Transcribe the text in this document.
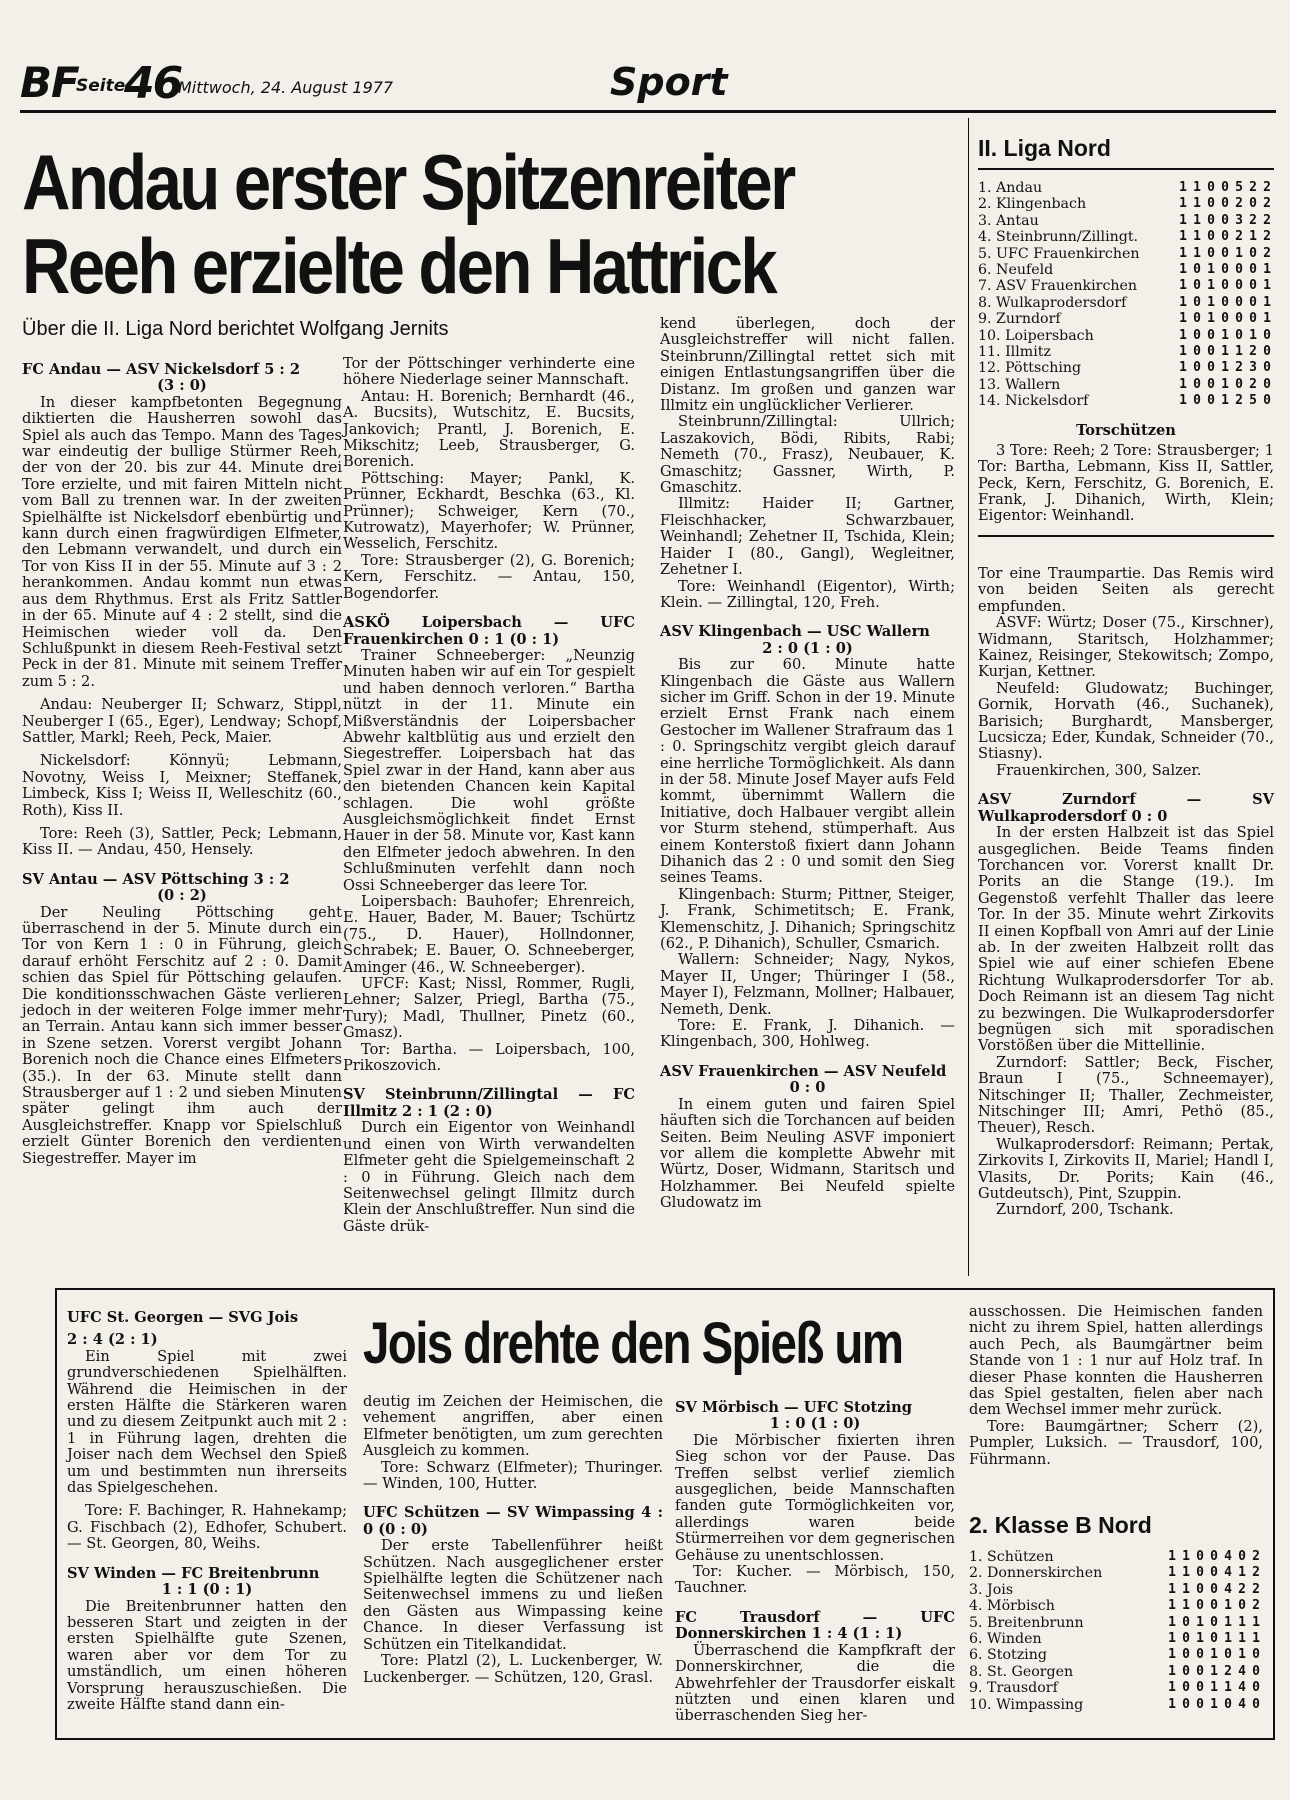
BF
Seite
46
Mittwoch, 24. August 1977	Sport
Andau erster Spitzenreiter
Reeh erzielte den Hattrick
Über die II. Liga Nord berichtet Wolfgang Jernits

FC Andau — ASV Nickelsdorf 5 : 2

(3 : 0)

In dieser kampfbetonten Begegnung diktierten die Hausherren sowohl das Spiel als auch das Tempo. Mann des Tages war eindeutig der bullige Stürmer Reeh, der von der 20. bis zur 44. Minute drei Tore erzielte, und mit fairen Mitteln nicht vom Ball zu trennen war. In der zweiten Spielhälfte ist Nickelsdorf ebenbürtig und kann durch einen fragwürdigen Elfmeter, den Lebmann verwandelt, und durch ein Tor von Kiss II in der 55. Minute auf 3 : 2 herankommen. Andau kommt nun etwas aus dem Rhythmus. Erst als Fritz Sattler in der 65. Minute auf 4 : 2 stellt, sind die Heimischen wieder voll da. Den Schlußpunkt in diesem Reeh-Festival setzt Peck in der 81. Minute mit seinem Treffer zum 5 : 2.

Andau: Neuberger II; Schwarz, Stippl, Neuberger I (65., Eger), Lendway; Schopf, Sattler, Markl; Reeh, Peck, Maier.

Nickelsdorf: Könnyü; Lebmann, Novotny, Weiss I, Meixner; Steffanek, Limbeck, Kiss I; Weiss II, Welleschitz (60., Roth), Kiss II.

Tore: Reeh (3), Sattler, Peck; Lebmann, Kiss II. — Andau, 450, Hensely.

SV Antau — ASV Pöttsching 3 : 2

(0 : 2)

Der Neuling Pöttsching geht überraschend in der 5. Minute durch ein Tor von Kern 1 : 0 in Führung, gleich darauf erhöht Ferschitz auf 2 : 0. Damit schien das Spiel für Pöttsching gelaufen. Die konditionsschwachen Gäste verlieren jedoch in der weiteren Folge immer mehr an Terrain. Antau kann sich immer besser in Szene setzen. Vorerst vergibt Johann Borenich noch die Chance eines Elfmeters (35.). In der 63. Minute stellt dann Strausberger auf 1 : 2 und sieben Minuten später gelingt ihm auch der Ausgleichstreffer. Knapp vor Spielschluß erzielt Günter Borenich den verdienten Siegestreffer. Mayer im

Tor der Pöttschinger verhinderte eine höhere Niederlage seiner Mannschaft.

Antau: H. Borenich; Bernhardt (46., A. Bucsits), Wutschitz, E. Bucsits, Jankovich; Prantl, J. Borenich, E. Mikschitz; Leeb, Strausberger, G. Borenich.

Pöttsching: Mayer; Pankl, K. Prünner, Eckhardt, Beschka (63., Kl. Prünner); Schweiger, Kern (70., Kutrowatz), Mayerhofer; W. Prünner, Wesselich, Ferschitz.

Tore: Strausberger (2), G. Borenich; Kern, Ferschitz. — Antau, 150, Bogendorfer.

ASKÖ Loipersbach — UFC Frauenkirchen 0 : 1 (0 : 1)

Trainer Schneeberger: „Neunzig Minuten haben wir auf ein Tor gespielt und haben dennoch verloren.“ Bartha nützt in der 11. Minute ein Mißverständnis der Loipersbacher Abwehr kaltblütig aus und erzielt den Siegestreffer. Loipersbach hat das Spiel zwar in der Hand, kann aber aus den bietenden Chancen kein Kapital schlagen. Die wohl größte Ausgleichsmöglichkeit findet Ernst Hauer in der 58. Minute vor, Kast kann den Elfmeter jedoch abwehren. In den Schlußminuten verfehlt dann noch Ossi Schneeberger das leere Tor.

Loipersbach: Bauhofer; Ehrenreich, E. Hauer, Bader, M. Bauer; Tschürtz (75., D. Hauer), Hollndonner, Schrabek; E. Bauer, O. Schneeberger, Aminger (46., W. Schneeberger).

UFCF: Kast; Nissl, Rommer, Rugli, Lehner; Salzer, Priegl, Bartha (75., Tury); Madl, Thullner, Pinetz (60., Gmasz).

Tor: Bartha. — Loipersbach, 100, Prikoszovich.

SV Steinbrunn/Zillingtal — FC Illmitz 2 : 1 (2 : 0)

Durch ein Eigentor von Weinhandl und einen von Wirth verwandelten Elfmeter geht die Spielgemeinschaft 2 : 0 in Führung. Gleich nach dem Seitenwechsel gelingt Illmitz durch Klein der Anschlußtreffer. Nun sind die Gäste drük-

kend überlegen, doch der Ausgleichstreffer will nicht fallen. Steinbrunn/Zillingtal rettet sich mit einigen Entlastungsangriffen über die Distanz. Im großen und ganzen war Illmitz ein unglücklicher Verlierer.

Steinbrunn/Zillingtal: Ullrich; Laszakovich, Bödi, Ribits, Rabi; Nemeth (70., Frasz), Neubauer, K. Gmaschitz; Gassner, Wirth, P. Gmaschitz.

Illmitz: Haider II; Gartner, Fleischhacker, Schwarzbauer, Weinhandl; Zehetner II, Tschida, Klein; Haider I (80., Gangl), Wegleitner, Zehetner I.

Tore: Weinhandl (Eigentor), Wirth; Klein. — Zillingtal, 120, Freh.

ASV Klingenbach — USC Wallern

2 : 0 (1 : 0)

Bis zur 60. Minute hatte Klingenbach die Gäste aus Wallern sicher im Griff. Schon in der 19. Minute erzielt Ernst Frank nach einem Gestocher im Wallener Strafraum das 1 : 0. Springschitz vergibt gleich darauf eine herrliche Tormöglichkeit. Als dann in der 58. Minute Josef Mayer aufs Feld kommt, übernimmt Wallern die Initiative, doch Halbauer vergibt allein vor Sturm stehend, stümperhaft. Aus einem Konterstoß fixiert dann Johann Dihanich das 2 : 0 und somit den Sieg seines Teams.

Klingenbach: Sturm; Pittner, Steiger, J. Frank, Schimetitsch; E. Frank, Klemenschitz, J. Dihanich; Springschitz (62., P. Dihanich), Schuller, Csmarich.

Wallern: Schneider; Nagy, Nykos, Mayer II, Unger; Thüringer I (58., Mayer I), Felzmann, Mollner; Halbauer, Nemeth, Denk.

Tore: E. Frank, J. Dihanich. — Klingenbach, 300, Hohlweg.

ASV Frauenkirchen — ASV Neufeld

0 : 0

In einem guten und fairen Spiel häuften sich die Torchancen auf beiden Seiten. Beim Neuling ASVF imponiert vor allem die komplette Abwehr mit Würtz, Doser, Widmann, Staritsch und Holzhammer. Bei Neufeld spielte Gludowatz im

II. Liga Nord
1. Andau	1	1	0	0	5	2	2
2. Klingenbach	1	1	0	0	2	0	2
3. Antau	1	1	0	0	3	2	2
4. Steinbrunn/Zillingt.	1	1	0	0	2	1	2
5. UFC Frauenkirchen	1	1	0	0	1	0	2
6. Neufeld	1	0	1	0	0	0	1
7. ASV Frauenkirchen	1	0	1	0	0	0	1
8. Wulkaprodersdorf	1	0	1	0	0	0	1
9. Zurndorf	1	0	1	0	0	0	1
10. Loipersbach	1	0	0	1	0	1	0
11. Illmitz	1	0	0	1	1	2	0
12. Pöttsching	1	0	0	1	2	3	0
13. Wallern	1	0	0	1	0	2	0
14. Nickelsdorf	1	0	0	1	2	5	0
Torschützen

3 Tore: Reeh; 2 Tore: Strausberger; 1 Tor: Bartha, Lebmann, Kiss II, Sattler, Peck, Kern, Ferschitz, G. Borenich, E. Frank, J. Dihanich, Wirth, Klein; Eigentor: Weinhandl.

Tor eine Traumpartie. Das Remis wird von beiden Seiten als gerecht empfunden.

ASVF: Würtz; Doser (75., Kirschner), Widmann, Staritsch, Holzhammer; Kainez, Reisinger, Stekowitsch; Zompo, Kurjan, Kettner.

Neufeld: Gludowatz; Buchinger, Gornik, Horvath (46., Suchanek), Barisich; Burghardt, Mansberger, Lucsicza; Eder, Kundak, Schneider (70., Stiasny).

Frauenkirchen, 300, Salzer.

ASV Zurndorf — SV Wulkaprodersdorf 0 : 0

In der ersten Halbzeit ist das Spiel ausgeglichen. Beide Teams finden Torchancen vor. Vorerst knallt Dr. Porits an die Stange (19.). Im Gegenstoß verfehlt Thaller das leere Tor. In der 35. Minute wehrt Zirkovits II einen Kopfball von Amri auf der Linie ab. In der zweiten Halbzeit rollt das Spiel wie auf einer schiefen Ebene Richtung Wulkaprodersdorfer Tor ab. Doch Reimann ist an diesem Tag nicht zu bezwingen. Die Wulkaprodersdorfer begnügen sich mit sporadischen Vorstößen über die Mittellinie.

Zurndorf: Sattler; Beck, Fischer, Braun I (75., Schneemayer), Nitschinger II; Thaller, Zechmeister, Nitschinger III; Amri, Pethö (85., Theuer), Resch.

Wulkaprodersdorf: Reimann; Pertak, Zirkovits I, Zirkovits II, Mariel; Handl I, Vlasits, Dr. Porits; Kain (46., Gutdeutsch), Pint, Szuppin.

Zurndorf, 200, Tschank.

Jois drehte den Spieß um

UFC St. Georgen — SVG Jois

2 : 4 (2 : 1)

Ein Spiel mit zwei grundverschiedenen Spielhälften. Während die Heimischen in der ersten Hälfte die Stärkeren waren und zu diesem Zeitpunkt auch mit 2 : 1 in Führung lagen, drehten die Joiser nach dem Wechsel den Spieß um und bestimmten nun ihrerseits das Spielgeschehen.

Tore: F. Bachinger, R. Hahnekamp; G. Fischbach (2), Edhofer, Schubert. — St. Georgen, 80, Weihs.

SV Winden — FC Breitenbrunn

1 : 1 (0 : 1)

Die Breitenbrunner hatten den besseren Start und zeigten in der ersten Spielhälfte gute Szenen, waren aber vor dem Tor zu umständlich, um einen höheren Vorsprung herauszuschießen. Die zweite Hälfte stand dann ein-

deutig im Zeichen der Heimischen, die vehement angriffen, aber einen Elfmeter benötigten, um zum gerechten Ausgleich zu kommen.

Tore: Schwarz (Elfmeter); Thuringer. — Winden, 100, Hutter.

UFC Schützen — SV Wimpassing 4 : 0 (0 : 0)

Der erste Tabellenführer heißt Schützen. Nach ausgeglichener erster Spielhälfte legten die Schützener nach Seitenwechsel immens zu und ließen den Gästen aus Wimpassing keine Chance. In dieser Verfassung ist Schützen ein Titelkandidat.

Tore: Platzl (2), L. Luckenberger, W. Luckenberger. — Schützen, 120, Grasl.

SV Mörbisch — UFC Stotzing

1 : 0 (1 : 0)

Die Mörbischer fixierten ihren Sieg schon vor der Pause. Das Treffen selbst verlief ziemlich ausgeglichen, beide Mannschaften fanden gute Tormöglichkeiten vor, allerdings waren beide Stürmerreihen vor dem gegnerischen Gehäuse zu unentschlossen.

Tor: Kucher. — Mörbisch, 150, Tauchner.

FC Trausdorf — UFC Donnerskirchen 1 : 4 (1 : 1)

Überraschend die Kampfkraft der Donnerskirchner, die die Abwehrfehler der Trausdorfer eiskalt nützten und einen klaren und überraschenden Sieg her-

ausschossen. Die Heimischen fanden nicht zu ihrem Spiel, hatten allerdings auch Pech, als Baumgärtner beim Stande von 1 : 1 nur auf Holz traf. In dieser Phase konnten die Hausherren das Spiel gestalten, fielen aber nach dem Wechsel immer mehr zurück.

Tore: Baumgärtner; Scherr (2), Pumpler, Luksich. — Trausdorf, 100, Führmann.

2. Klasse B Nord
1. Schützen	1	1	0	0	4	0	2
2. Donnerskirchen	1	1	0	0	4	1	2
3. Jois	1	1	0	0	4	2	2
4. Mörbisch	1	1	0	0	1	0	2
5. Breitenbrunn	1	0	1	0	1	1	1
6. Winden	1	0	1	0	1	1	1
6. Stotzing	1	0	0	1	0	1	0
8. St. Georgen	1	0	0	1	2	4	0
9. Trausdorf	1	0	0	1	1	4	0
10. Wimpassing	1	0	0	1	0	4	0
